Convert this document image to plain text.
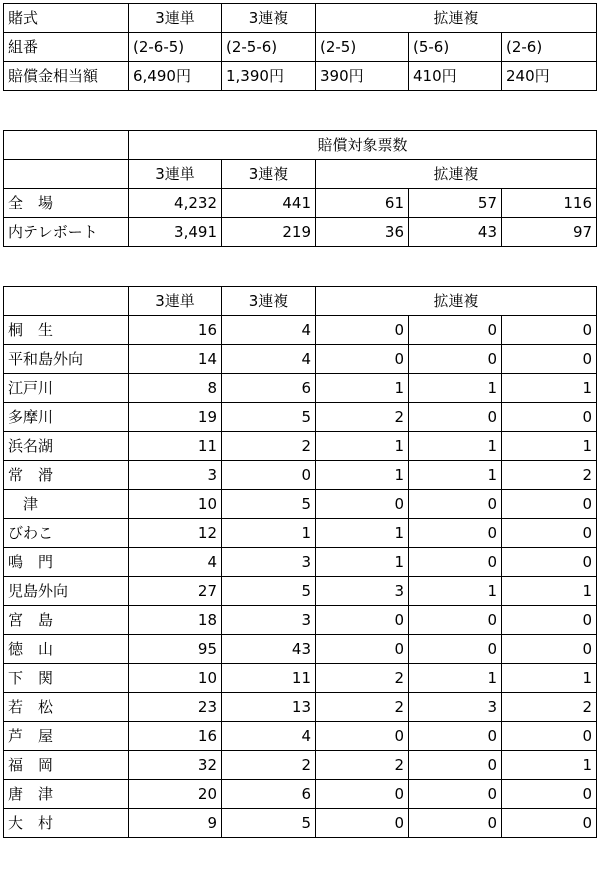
賭式	3連単	3連複	拡連複		
組番	(2-6-5)	(2-5-6)	(2-5)	(5-6)	(2-6)
賠償金相当額	6,490円	1,390円	390円	410円	240円
	賠償対象票数				
	3連単	3連複	拡連複		
全　場	4,232	441	61	57	116
内テレボート	3,491	219	36	43	97
	3連単	3連複	拡連複		
桐　生	16	4	0	0	0
平和島外向	14	4	0	0	0
江戸川	8	6	1	1	1
多摩川	19	5	2	0	0
浜名湖	11	2	1	1	1
常　滑	3	0	1	1	2
　津	10	5	0	0	0
びわこ	12	1	1	0	0
鳴　門	4	3	1	0	0
児島外向	27	5	3	1	1
宮　島	18	3	0	0	0
徳　山	95	43	0	0	0
下　関	10	11	2	1	1
若　松	23	13	2	3	2
芦　屋	16	4	0	0	0
福　岡	32	2	2	0	1
唐　津	20	6	0	0	0
大　村	9	5	0	0	0
